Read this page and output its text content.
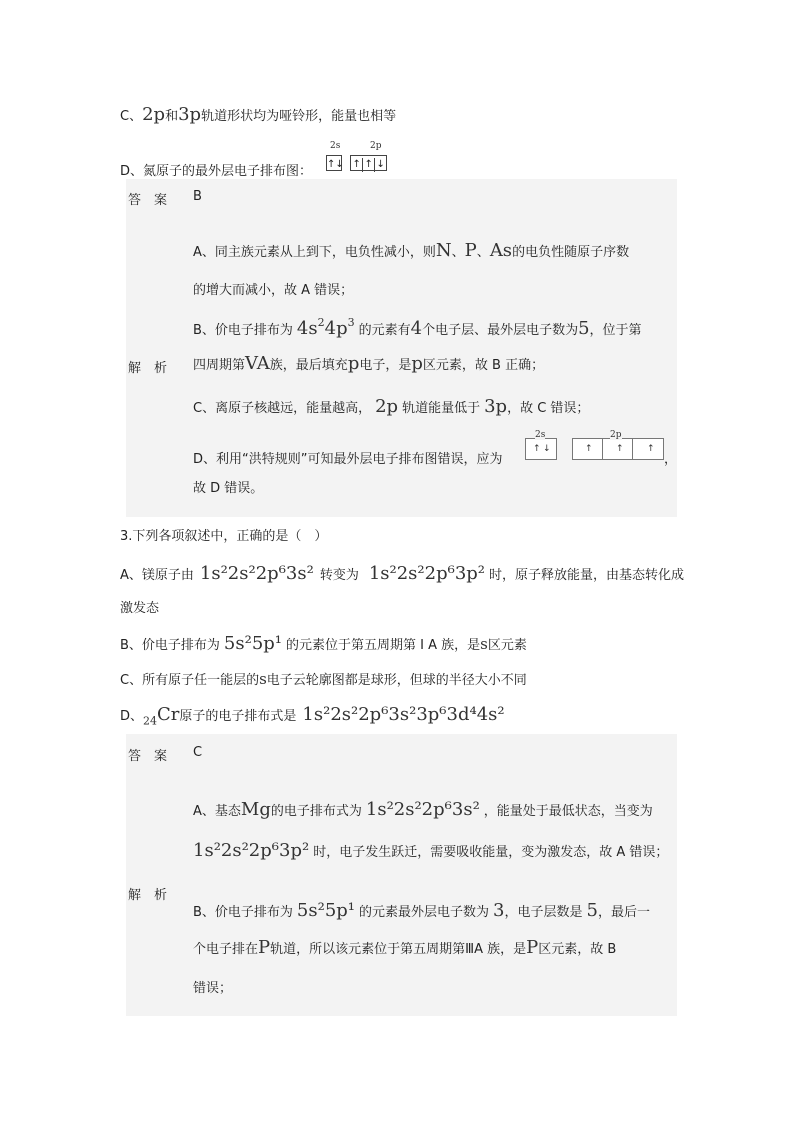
C、2p和3p轨道形状均为哑铃形，能量也相等
D、氮原子的最外层电子排布图：
2s	2p
↑↓ ↑ ↑ ↓
答　案 B
解　析
A、同主族元素从上到下，电负性减小，则N、P、As的电负性随原子序数
的增大而减小，故 A 错误；
B、价电子排布为 $4s^24p^3$的元素有4个电子层、最外层电子数为5，位于第
四周期第VA族，最后填充p电子，是p区元素，故 B 正确；
C、离原子核越远，能量越高， 2p 轨道能量低于 3p，故 C 错误；
D、利用“洪特规则”可知最外层电子排布图错误，应为
↑ ↓
2s
↑	↑	↑
2p
，
故 D 错误。
3.下列各项叙述中，正确的是（　）
A、镁原子由 1s²2s²2p⁶3s² 转变为 1s²2s²2p⁶3p² 时，原子释放能量，由基态转化成
激发态
B、价电子排布为 5s²5p¹ 的元素位于第五周期第 I A 族，是s区元素
C、所有原子任一能层的s电子云轮廓图都是球形，但球的半径大小不同
D、$_{24}$Cr原子的电子排布式是 1s²2s²2p⁶3s²3p⁶3d⁴4s²
答　案 C
解　析
A、基态Mg的电子排布式为 1s²2s²2p⁶3s² ，能量处于最低状态，当变为
1s²2s²2p⁶3p² 时，电子发生跃迁，需要吸收能量，变为激发态，故 A 错误；
B、价电子排布为 5s²5p¹ 的元素最外层电子数为 3，电子层数是 5，最后一
个电子排在P轨道，所以该元素位于第五周期第ⅢA 族，是P区元素，故 B
错误；
